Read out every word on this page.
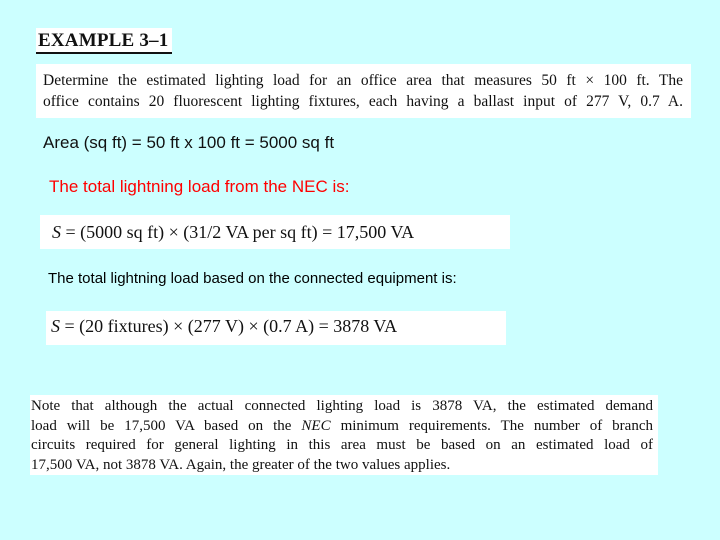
EXAMPLE 3–1
Determine the estimated lighting load for an office area that measures 50 ft × 100 ft. The
office contains 20 fluorescent lighting fixtures, each having a ballast input of 277 V, 0.7 A.
Area (sq ft) = 50 ft x 100 ft = 5000 sq ft
The total lightning load from the NEC is:
S = (5000 sq ft) × (31/2 VA per sq ft) = 17,500 VA
The total lightning load based on the connected equipment is:
S = (20 fixtures) × (277 V) × (0.7 A) = 3878 VA
Note that although the actual connected lighting load is 3878 VA, the estimated demand
load will be 17,500 VA based on the NEC minimum requirements. The number of branch
circuits required for general lighting in this area must be based on an estimated load of
17,500 VA, not 3878 VA. Again, the greater of the two values applies.
